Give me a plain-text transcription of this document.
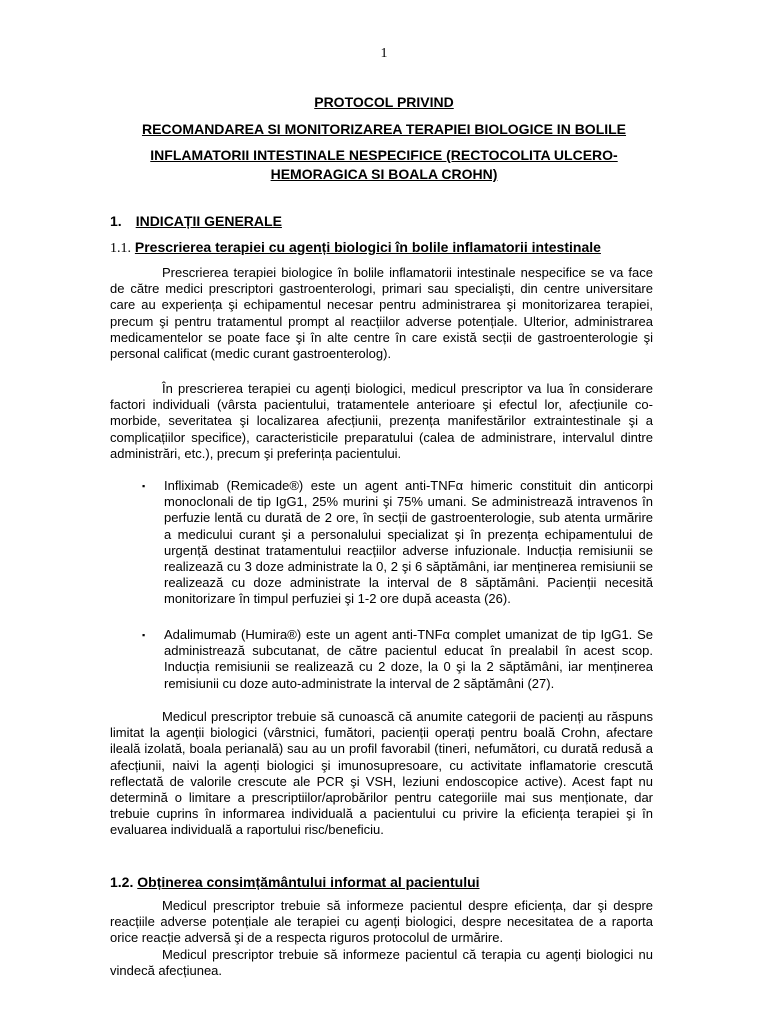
1
PROTOCOL PRIVIND
RECOMANDAREA SI MONITORIZAREA TERAPIEI BIOLOGICE IN BOLILE
INFLAMATORII INTESTINALE NESPECIFICE (RECTOCOLITA ULCERO-
HEMORAGICA SI BOALA CROHN)
1. INDICAȚII GENERALE
1.1. Prescrierea terapiei cu agenți biologici în bolile inflamatorii intestinale

Prescrierea terapiei biologice în bolile inflamatorii intestinale nespecifice se va face de către medici prescriptori gastroenterologi, primari sau specialişti, din centre universitare care au experiența şi echipamentul necesar pentru administrarea şi monitorizarea terapiei, precum şi pentru tratamentul prompt al reacțiilor adverse potențiale. Ulterior, administrarea medicamentelor se poate face şi în alte centre în care există secții de gastroenterologie şi personal calificat (medic curant gastroenterolog).

În prescrierea terapiei cu agenți biologici, medicul prescriptor va lua în considerare factori individuali (vârsta pacientului, tratamentele anterioare şi efectul lor, afecțiunile co-morbide, severitatea şi localizarea afecțiunii, prezența manifestărilor extraintestinale şi a complicațiilor specifice), caracteristicile preparatului (calea de administrare, intervalul dintre administrări, etc.), precum şi preferința pacientului.

▪ Infliximab (Remicade®) este un agent anti-TNFα himeric constituit din anticorpi monoclonali de tip IgG1, 25% murini şi 75% umani. Se administrează intravenos în perfuzie lentă cu durată de 2 ore, în secții de gastroenterologie, sub atenta urmărire a medicului curant şi a personalului specializat şi în prezența echipamentului de urgență destinat tratamentului reacțiilor adverse infuzionale. Inducția remisiunii se realizează cu 3 doze administrate la 0, 2 şi 6 săptămâni, iar menținerea remisiunii se realizează cu doze administrate la interval de 8 săptămâni. Pacienții necesită monitorizare în timpul perfuziei şi 1-2 ore după aceasta (26).
▪ Adalimumab (Humira®) este un agent anti-TNFα complet umanizat de tip IgG1. Se administrează subcutanat, de către pacientul educat în prealabil în acest scop. Inducția remisiunii se realizează cu 2 doze, la 0 şi la 2 săptămâni, iar menținerea remisiunii cu doze auto-administrate la interval de 2 săptămâni (27).

Medicul prescriptor trebuie să cunoască că anumite categorii de pacienți au răspuns limitat la agenții biologici (vârstnici, fumători, pacienții operați pentru boală Crohn, afectare ileală izolată, boala perianală) sau au un profil favorabil (tineri, nefumători, cu durată redusă a afecțiunii, naivi la agenți biologici şi imunosupresoare, cu activitate inflamatorie crescută reflectată de valorile crescute ale PCR şi VSH, leziuni endoscopice active). Acest fapt nu determină o limitare a prescriptiilor/aprobărilor pentru categoriile mai sus menționate, dar trebuie cuprins în informarea individuală a pacientului cu privire la eficiența terapiei şi în evaluarea individuală a raportului risc/beneficiu.

1.2. Obținerea consimțământului informat al pacientului

Medicul prescriptor trebuie să informeze pacientul despre eficiența, dar şi despre reacțiile adverse potențiale ale terapiei cu agenți biologici, despre necesitatea de a raporta orice reacție adversă şi de a respecta riguros protocolul de urmărire.

Medicul prescriptor trebuie să informeze pacientul că terapia cu agenți biologici nu vindecă afecțiunea.
